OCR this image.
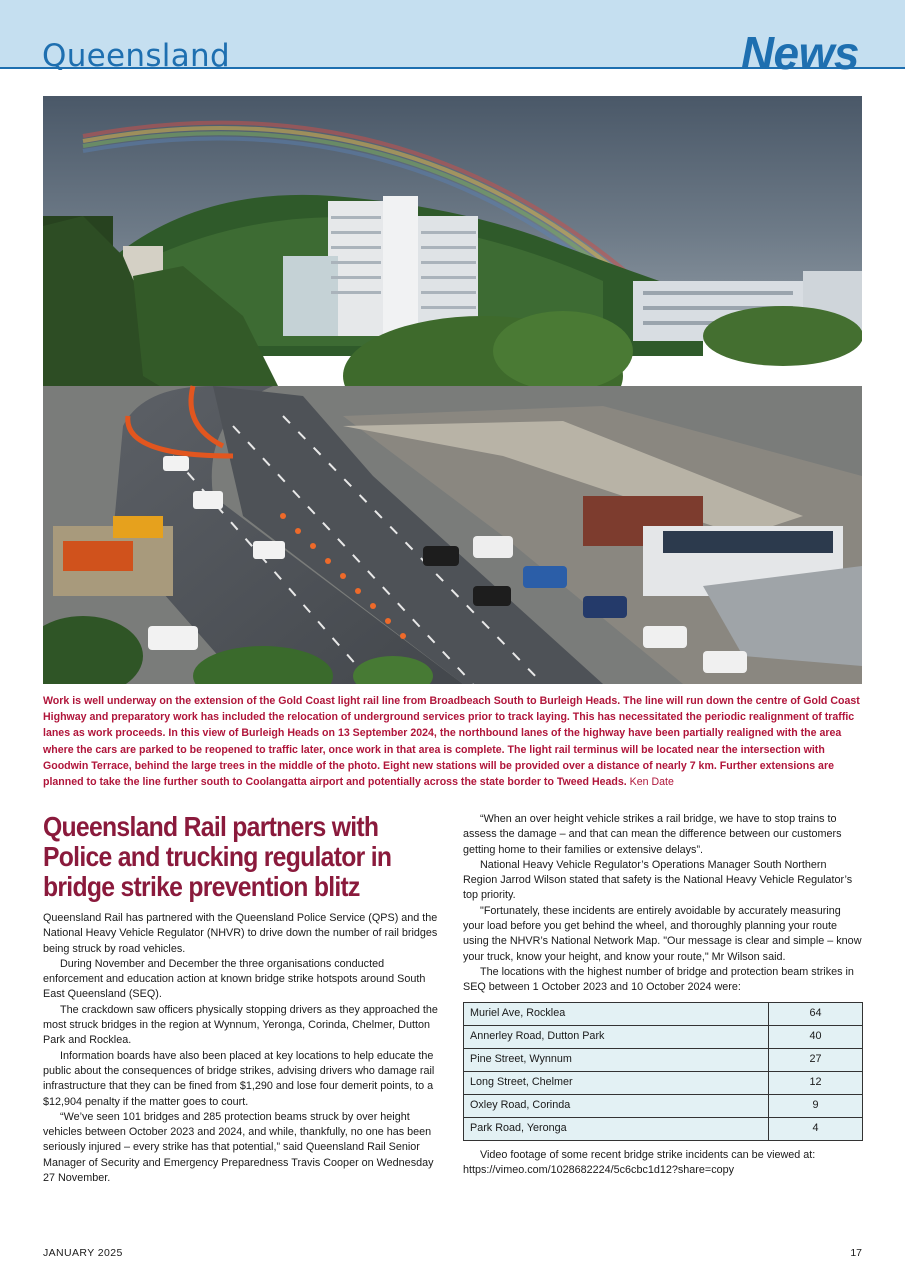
Queensland	News

Work is well underway on the extension of the Gold Coast light rail line from Broadbeach South to Burleigh Heads. The line will run down the centre of Gold Coast Highway and preparatory work has included the relocation of underground services prior to track laying. This has necessitated the periodic realignment of traffic lanes as work proceeds. In this view of Burleigh Heads on 13 September 2024, the northbound lanes of the highway have been partially realigned with the area where the cars are parked to be reopened to traffic later, once work in that area is complete. The light rail terminus will be located near the intersection with Goodwin Terrace, behind the large trees in the middle of the photo. Eight new stations will be provided over a distance of nearly 7 km. Further extensions are planned to take the line further south to Coolangatta airport and potentially across the state border to Tweed Heads. Ken Date

Queensland Rail partners with Police and trucking regulator in bridge strike prevention blitz

Queensland Rail has partnered with the Queensland Police Service (QPS) and the National Heavy Vehicle Regulator (NHVR) to drive down the number of rail bridges being struck by road vehicles.

During November and December the three organisations conducted enforcement and education action at known bridge strike hotspots around South East Queensland (SEQ).

The crackdown saw officers physically stopping drivers as they approached the most struck bridges in the region at Wynnum, Yeronga, Corinda, Chelmer, Dutton Park and Rocklea.

Information boards have also been placed at key locations to help educate the public about the consequences of bridge strikes, advising drivers who damage rail infrastructure that they can be fined from $1,290 and lose four demerit points, to a $12,904 penalty if the matter goes to court.

“We’ve seen 101 bridges and 285 protection beams struck by over height vehicles between October 2023 and 2024, and while, thankfully, no one has been seriously injured – every strike has that potential,” said Queensland Rail Senior Manager of Security and Emergency Preparedness Travis Cooper on Wednesday 27 November.

“When an over height vehicle strikes a rail bridge, we have to stop trains to assess the damage – and that can mean the difference between our customers getting home to their families or extensive delays”.

National Heavy Vehicle Regulator’s Operations Manager South Northern Region Jarrod Wilson stated that safety is the National Heavy Vehicle Regulator’s top priority.

"Fortunately, these incidents are entirely avoidable by accurately measuring your load before you get behind the wheel, and thoroughly planning your route using the NHVR’s National Network Map. "Our message is clear and simple – know your truck, know your height, and know your route," Mr Wilson said.

The locations with the highest number of bridge and protection beam strikes in SEQ between 1 October 2023 and 10 October 2024 were:

Muriel Ave, Rocklea	64
Annerley Road, Dutton Park	40
Pine Street, Wynnum	27
Long Street, Chelmer	12
Oxley Road, Corinda	9
Park Road, Yeronga	4

Video footage of some recent bridge strike incidents can be viewed at: https://vimeo.com/1028682224/5c6cbc1d12?share=copy

JANUARY 2025	17
